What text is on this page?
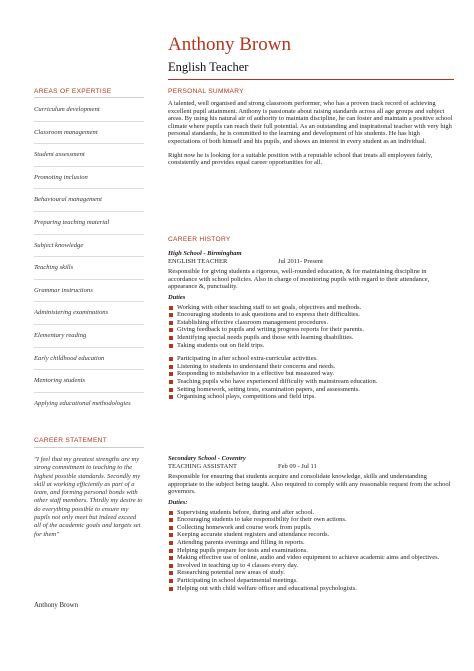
Anthony Brown
English Teacher
AREAS OF EXPERTISE
Curriculum development
Classroom management
Student assessment
Promoting inclusion
Behavioural management
Preparing teaching material
Subject knowledge
Teaching skills
Grammar instructions
Administering examinations
Elementary reading
Early childhood education
Mentoring students
Applying educational methodologies
CAREER STATEMENT
"I feel that my greatest strengths are my strong commitment to teaching to the highest possible standards. Secondly my skill at working efficiently as part of a team, and forming personal bonds with other staff members. Thirdly my desire to do everything possible to ensure my pupils not only meet but indeed exceed all of the academic goals and targets set for them"
Anthony Brown
PERSONAL SUMMARY

A talented, well organised and strong classroom performer, who has a proven track record of achieving excellent pupil attainment. Anthony is passionate about raising standards across all age groups and subject areas. By using his natural air of authority to maintain discipline, he can foster and maintain a positive school climate where pupils can reach their full potential. As an outstanding and inspirational teacher with very high personal standards, he is committed to the learning and development of his students. He has high expectations of both himself and his pupils, and shows an interest in every student as an individual.

Right now he is looking for a suitable position with a reputable school that treats all employees fairly, consistently and provides equal career opportunities for all.

CAREER HISTORY
High School - Birmingham
ENGLISH TEACHER	Jul 2011- Present
Responsible for giving students a rigorous, well-rounded education, & for maintaining discipline in accordance with school policies. Also in charge of monitoring pupils with regard to their attendance, appearance &, punctuality.
Duties
Working with other teaching staff to set goals, objectives and methods.
Encouraging students to ask questions and to express their difficulties.
Establishing effective classroom management procedures.
Giving feedback to pupils and writing progress reports for their parents.
Identifying special needs pupils and those with learning disabilities.
Taking students out on field trips.
Participating in after school extra-curricular activities.
Listening to students to understand their concerns and needs.
Responding to misbehavior in a effective but measured way.
Teaching pupils who have experienced difficulty with mainstream education.
Setting homework, setting tests, examination papers, and assessments.
Organising school plays, competitions and field trips.
Secondary School - Coventry
TEACHING ASSISTANT	Feb 09 - Jul 11
Responsible for ensuring that students acquire and consolidate knowledge, skills and understanding appropriate to the subject being taught. Also required to comply with any reasonable request from the school governors.
Duties:
Supervising students before, during and after school.
Encouraging students to take responsibility for their own actions.
Collecting homework and course work from pupils.
Keeping accurate student registers and attendance records.
Attending parents evenings and filling in reports.
Helping pupils prepare for tests and examinations.
Making effective use of online, audio and video equipment to achieve academic aims and objectives.
Involved in teaching up to 4 classes every day.
Researching potential new areas of study.
Participating in school departmental meetings.
Helping out with child welfare officer and educational psychologists.
